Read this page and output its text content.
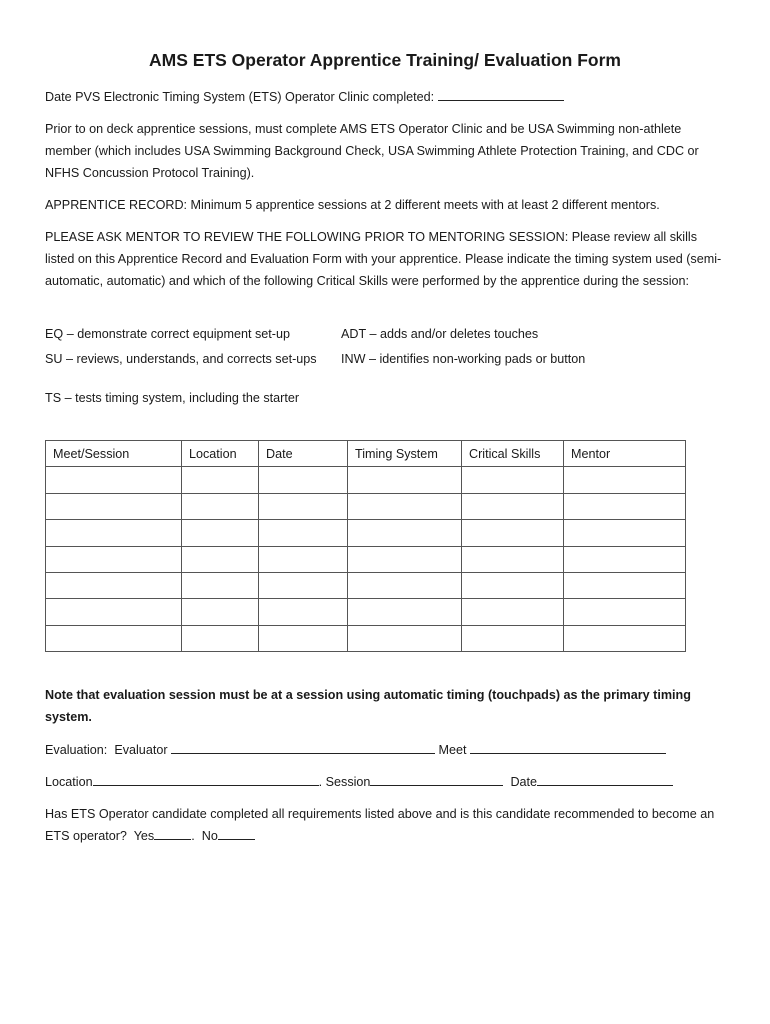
AMS ETS Operator Apprentice Training/ Evaluation Form
Date PVS Electronic Timing System (ETS) Operator Clinic completed:
Prior to on deck apprentice sessions, must complete AMS ETS Operator Clinic and be USA Swimming non-athlete member (which includes USA Swimming Background Check, USA Swimming Athlete Protection Training, and CDC or NFHS Concussion Protocol Training).
APPRENTICE RECORD: Minimum 5 apprentice sessions at 2 different meets with at least 2 different mentors.
PLEASE ASK MENTOR TO REVIEW THE FOLLOWING PRIOR TO MENTORING SESSION: Please review all skills listed on this Apprentice Record and Evaluation Form with your apprentice. Please indicate the timing system used (semi-automatic, automatic) and which of the following Critical Skills were performed by the apprentice during the session:
EQ – demonstrate correct equipment set-up
SU – reviews, understands, and corrects set-ups
TS – tests timing system, including the starter
ADT – adds and/or deletes touches
INW – identifies non-working pads or button
Meet/Session	Location	Date	Timing System	Critical Skills	Mentor

Note that evaluation session must be at a session using automatic timing (touchpads) as the primary timing system.
Evaluation: Evaluator	Meet
Location	. Session	Date
Has ETS Operator candidate completed all requirements listed above and is this candidate recommended to become an ETS operator? Yes	. No
